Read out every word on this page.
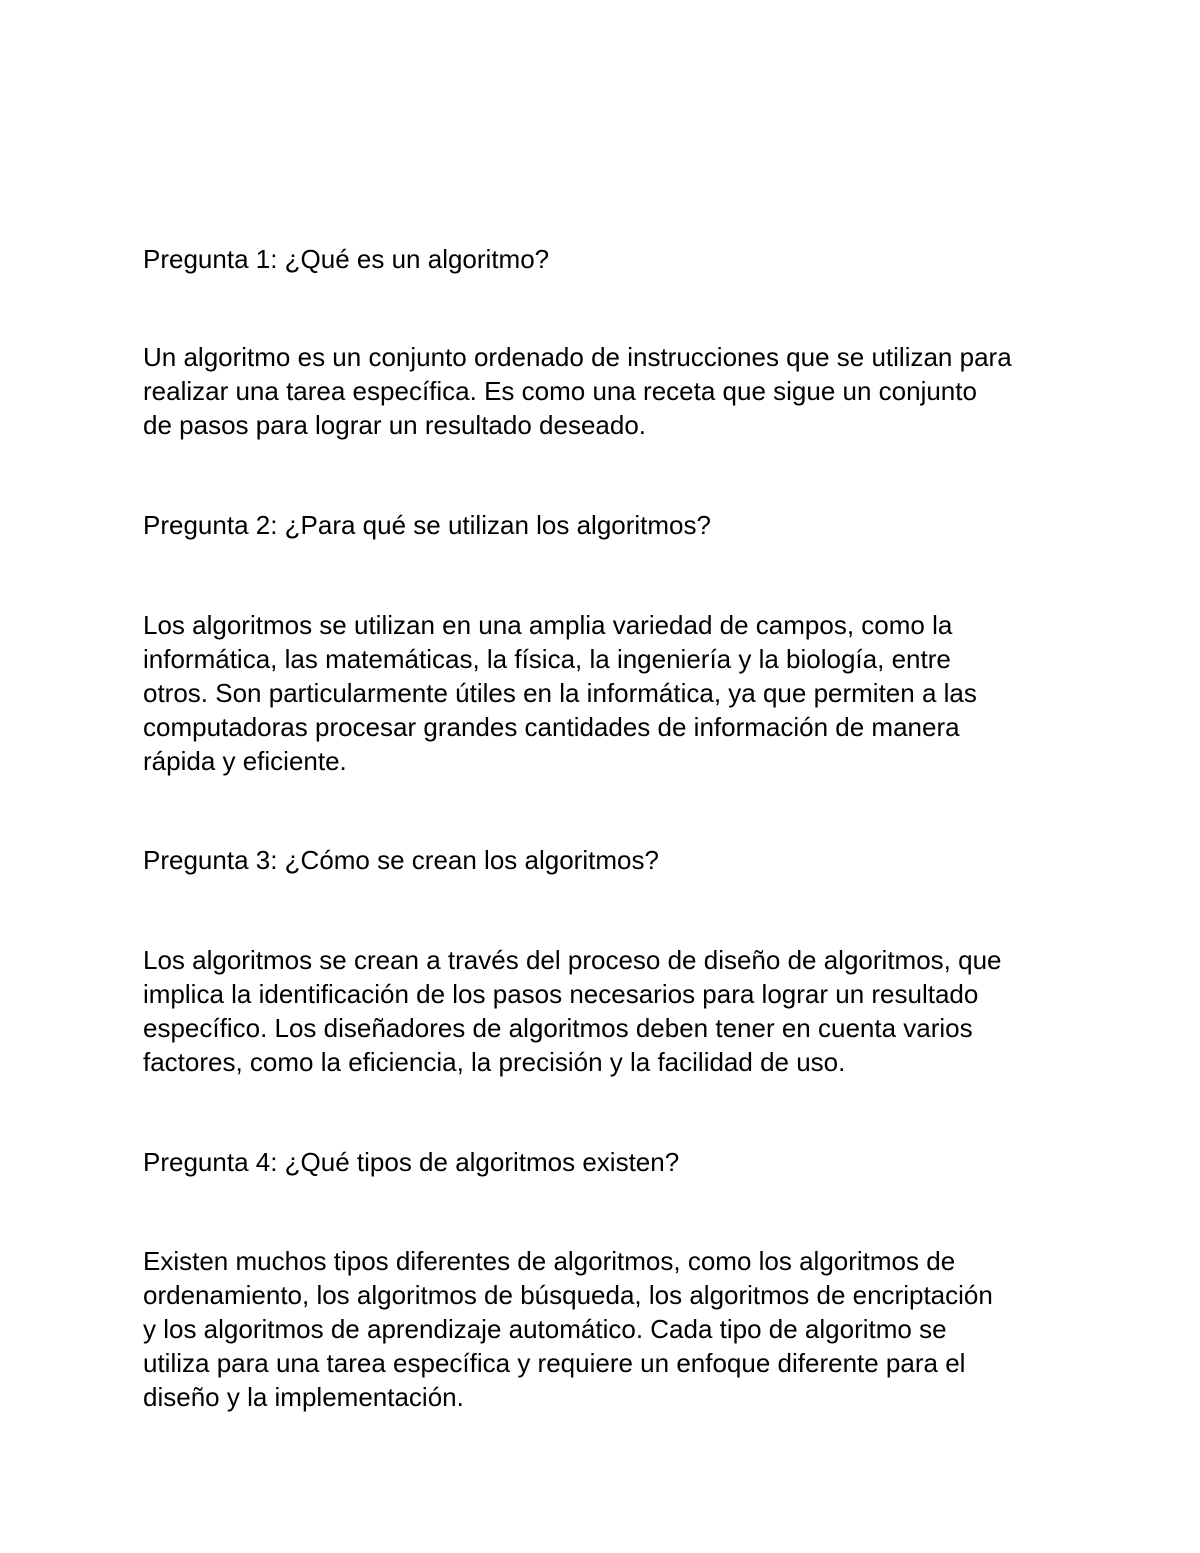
Pregunta 1: ¿Qué es un algoritmo?

Un algoritmo es un conjunto ordenado de instrucciones que se utilizan para
realizar una tarea específica. Es como una receta que sigue un conjunto
de pasos para lograr un resultado deseado.

Pregunta 2: ¿Para qué se utilizan los algoritmos?

Los algoritmos se utilizan en una amplia variedad de campos, como la
informática, las matemáticas, la física, la ingeniería y la biología, entre
otros. Son particularmente útiles en la informática, ya que permiten a las
computadoras procesar grandes cantidades de información de manera
rápida y eficiente.

Pregunta 3: ¿Cómo se crean los algoritmos?

Los algoritmos se crean a través del proceso de diseño de algoritmos, que
implica la identificación de los pasos necesarios para lograr un resultado
específico. Los diseñadores de algoritmos deben tener en cuenta varios
factores, como la eficiencia, la precisión y la facilidad de uso.

Pregunta 4: ¿Qué tipos de algoritmos existen?

Existen muchos tipos diferentes de algoritmos, como los algoritmos de
ordenamiento, los algoritmos de búsqueda, los algoritmos de encriptación
y los algoritmos de aprendizaje automático. Cada tipo de algoritmo se
utiliza para una tarea específica y requiere un enfoque diferente para el
diseño y la implementación.
